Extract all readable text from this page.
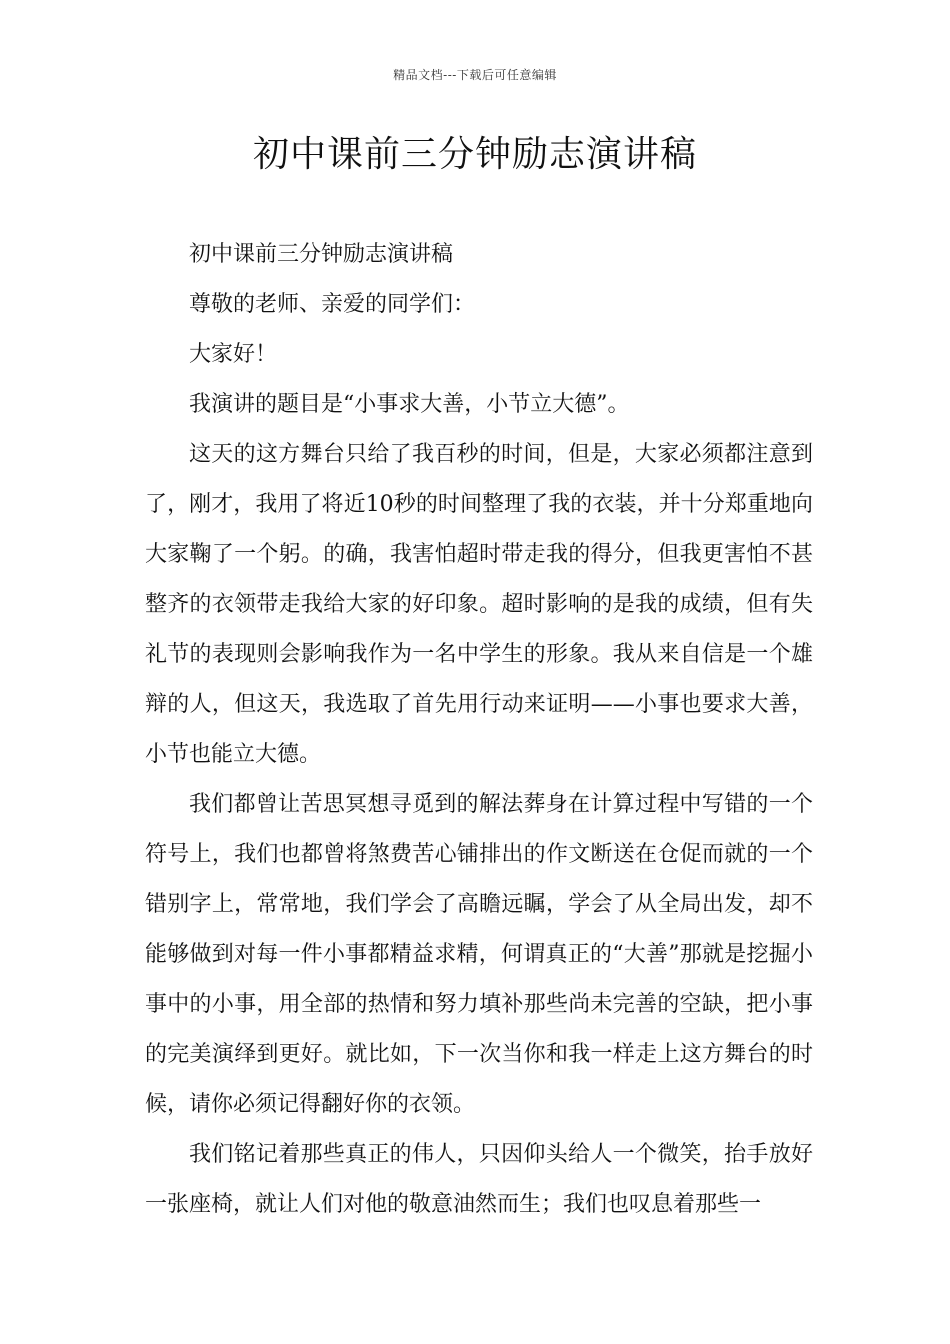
精品文档---下载后可任意编辑
初中课前三分钟励志演讲稿

初中课前三分钟励志演讲稿

尊敬的老师、亲爱的同学们：

大家好！

我演讲的题目是“小事求大善，小节立大德”。

这天的这方舞台只给了我百秒的时间，但是，大家必须都注意到了，刚才，我用了将近10秒的时间整理了我的衣装，并十分郑重地向大家鞠了一个躬。的确，我害怕超时带走我的得分，但我更害怕不甚整齐的衣领带走我给大家的好印象。超时影响的是我的成绩，但有失礼节的表现则会影响我作为一名中学生的形象。我从来自信是一个雄辩的人，但这天，我选取了首先用行动来证明——小事也要求大善，小节也能立大德。

我们都曾让苦思冥想寻觅到的解法葬身在计算过程中写错的一个符号上，我们也都曾将煞费苦心铺排出的作文断送在仓促而就的一个错别字上，常常地，我们学会了高瞻远瞩，学会了从全局出发，却不能够做到对每一件小事都精益求精，何谓真正的“大善”那就是挖掘小事中的小事，用全部的热情和努力填补那些尚未完善的空缺，把小事的完美演绎到更好。就比如，下一次当你和我一样走上这方舞台的时候，请你必须记得翻好你的衣领。

我们铭记着那些真正的伟人，只因仰头给人一个微笑，抬手放好一张座椅，就让人们对他的敬意油然而生；我们也叹息着那些一
